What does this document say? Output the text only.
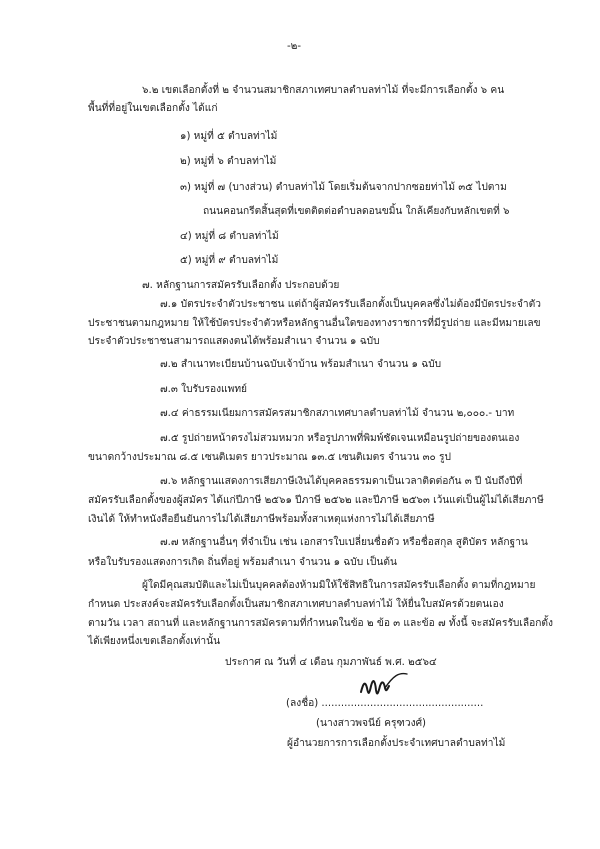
-๒-
๖.๒ เขตเลือกตั้งที่ ๒ จำนวนสมาชิกสภาเทศบาลตำบลท่าไม้ ที่จะมีการเลือกตั้ง ๖ คน
พื้นที่ที่อยู่ในเขตเลือกตั้ง ได้แก่
๑) หมู่ที่ ๕ ตำบลท่าไม้
๒) หมู่ที่ ๖ ตำบลท่าไม้
๓) หมู่ที่ ๗ (บางส่วน) ตำบลท่าไม้ โดยเริ่มต้นจากปากซอยท่าไม้ ๓๕ ไปตาม
ถนนคอนกรีตสิ้นสุดที่เขตติดต่อตำบลดอนขมิ้น ใกล้เคียงกับหลักเขตที่ ๖
๔) หมู่ที่ ๘ ตำบลท่าไม้
๕) หมู่ที่ ๙ ตำบลท่าไม้
๗. หลักฐานการสมัครรับเลือกตั้ง ประกอบด้วย
๗.๑ บัตรประจำตัวประชาชน แต่ถ้าผู้สมัครรับเลือกตั้งเป็นบุคคลซึ่งไม่ต้องมีบัตรประจำตัว
ประชาชนตามกฎหมาย ให้ใช้บัตรประจำตัวหรือหลักฐานอื่นใดของทางราชการที่มีรูปถ่าย และมีหมายเลข
ประจำตัวประชาชนสามารถแสดงตนได้พร้อมสำเนา จำนวน ๑ ฉบับ
๗.๒ สำเนาทะเบียนบ้านฉบับเจ้าบ้าน พร้อมสำเนา จำนวน ๑ ฉบับ
๗.๓ ใบรับรองแพทย์
๗.๔ ค่าธรรมเนียมการสมัครสมาชิกสภาเทศบาลตำบลท่าไม้ จำนวน ๒,๐๐๐.- บาท
๗.๕ รูปถ่ายหน้าตรงไม่สวมหมวก หรือรูปภาพที่พิมพ์ชัดเจนเหมือนรูปถ่ายของตนเอง
ขนาดกว้างประมาณ ๘.๕ เซนติเมตร ยาวประมาณ ๑๓.๕ เซนติเมตร จำนวน ๓๐ รูป
๗.๖ หลักฐานแสดงการเสียภาษีเงินได้บุคคลธรรมดาเป็นเวลาติดต่อกัน ๓ ปี นับถึงปีที่
สมัครรับเลือกตั้งของผู้สมัคร ได้แก่ปีภาษี ๒๕๖๑ ปีภาษี ๒๕๖๒ และปีภาษี ๒๕๖๓ เว้นแต่เป็นผู้ไม่ได้เสียภาษี
เงินได้ ให้ทำหนังสือยืนยันการไม่ได้เสียภาษีพร้อมทั้งสาเหตุแห่งการไม่ได้เสียภาษี
๗.๗ หลักฐานอื่นๆ ที่จำเป็น เช่น เอกสารใบเปลี่ยนชื่อตัว หรือชื่อสกุล สูติบัตร หลักฐาน
หรือใบรับรองแสดงการเกิด ถิ่นที่อยู่ พร้อมสำเนา จำนวน ๑ ฉบับ เป็นต้น
ผู้ใดมีคุณสมบัติและไม่เป็นบุคคลต้องห้ามมิให้ใช้สิทธิในการสมัครรับเลือกตั้ง ตามที่กฎหมาย
กำหนด ประสงค์จะสมัครรับเลือกตั้งเป็นสมาชิกสภาเทศบาลตำบลท่าไม้ ให้ยื่นใบสมัครด้วยตนเอง
ตามวัน เวลา สถานที่ และหลักฐานการสมัครตามที่กำหนดในข้อ ๒ ข้อ ๓ และข้อ ๗ ทั้งนี้ จะสมัครรับเลือกตั้ง
ได้เพียงหนึ่งเขตเลือกตั้งเท่านั้น
ประกาศ ณ วันที่ ๔ เดือน กุมภาพันธ์ พ.ศ. ๒๕๖๔
(ลงชื่อ) ..................................................
(นางสาวพจนีย์ ครุฑวงศ์)
ผู้อำนวยการการเลือกตั้งประจำเทศบาลตำบลท่าไม้
